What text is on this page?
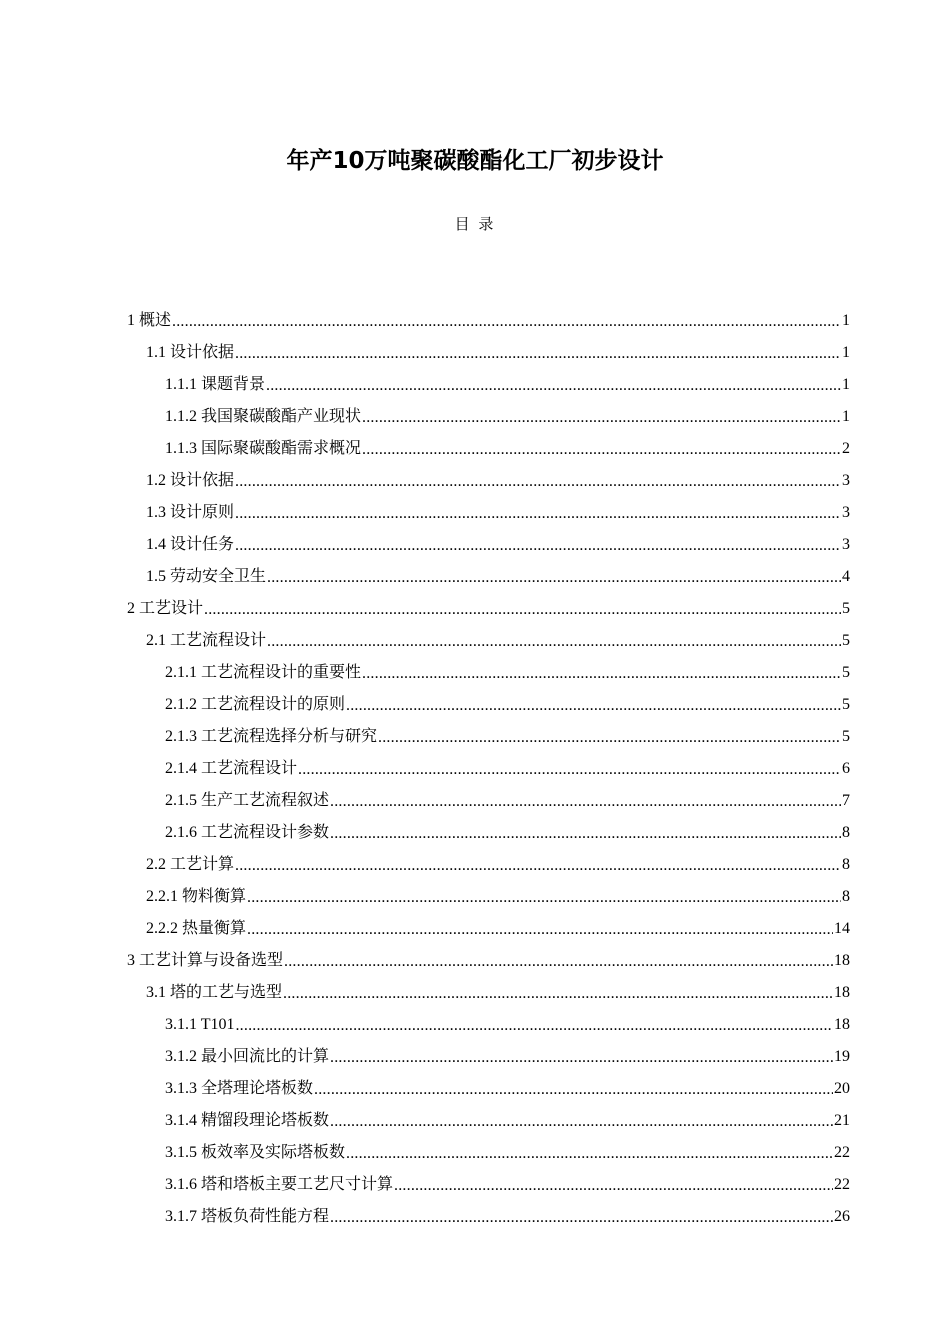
年产10万吨聚碳酸酯化工厂初步设计
目 录
1 概述 .....	1
1.1 设计依据 .....	1
1.1.1 课题背景 .....	1
1.1.2 我国聚碳酸酯产业现状 .....	1
1.1.3 国际聚碳酸酯需求概况 .....	2
1.2 设计依据 .....	3
1.3 设计原则 .....	3
1.4 设计任务 .....	3
1.5 劳动安全卫生 .....	4
2 工艺设计 .....	5
2.1 工艺流程设计 .....	5
2.1.1 工艺流程设计的重要性 .....	5
2.1.2 工艺流程设计的原则 .....	5
2.1.3 工艺流程选择分析与研究 .....	5
2.1.4 工艺流程设计 .....	6
2.1.5 生产工艺流程叙述 .....	7
2.1.6 工艺流程设计参数 .....	8
2.2 工艺计算 .....	8
2.2.1 物料衡算 .....	8
2.2.2 热量衡算 .....	14
3 工艺计算与设备选型 .....	18
3.1 塔的工艺与选型 .....	18
3.1.1 T101 .....	18
3.1.2 最小回流比的计算 .....	19
3.1.3 全塔理论塔板数 .....	20
3.1.4 精馏段理论塔板数 .....	21
3.1.5 板效率及实际塔板数 .....	22
3.1.6 塔和塔板主要工艺尺寸计算 .....	22
3.1.7 塔板负荷性能方程 .....	26
